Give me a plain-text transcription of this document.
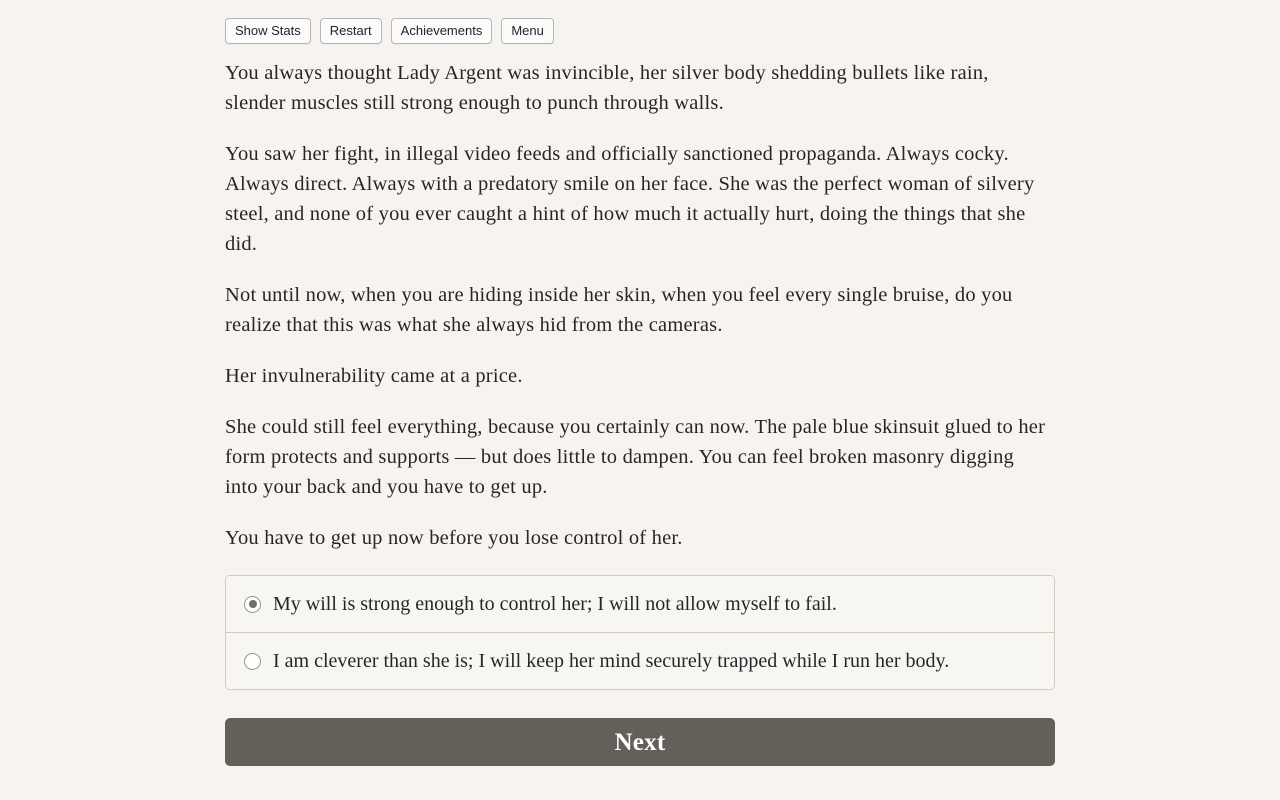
Show Stats	Restart	Achievements	Menu

You always thought Lady Argent was invincible, her silver body shedding bullets like rain, slender muscles still strong enough to punch through walls.

You saw her fight, in illegal video feeds and officially sanctioned propaganda. Always cocky. Always direct. Always with a predatory smile on her face. She was the perfect woman of silvery steel, and none of you ever caught a hint of how much it actually hurt, doing the things that she did.

Not until now, when you are hiding inside her skin, when you feel every single bruise, do you realize that this was what she always hid from the cameras.

Her invulnerability came at a price.

She could still feel everything, because you certainly can now. The pale blue skinsuit glued to her form protects and supports — but does little to dampen. You can feel broken masonry digging into your back and you have to get up.

You have to get up now before you lose control of her.

My will is strong enough to control her; I will not allow myself to fail.
I am cleverer than she is; I will keep her mind securely trapped while I run her body.
Next
